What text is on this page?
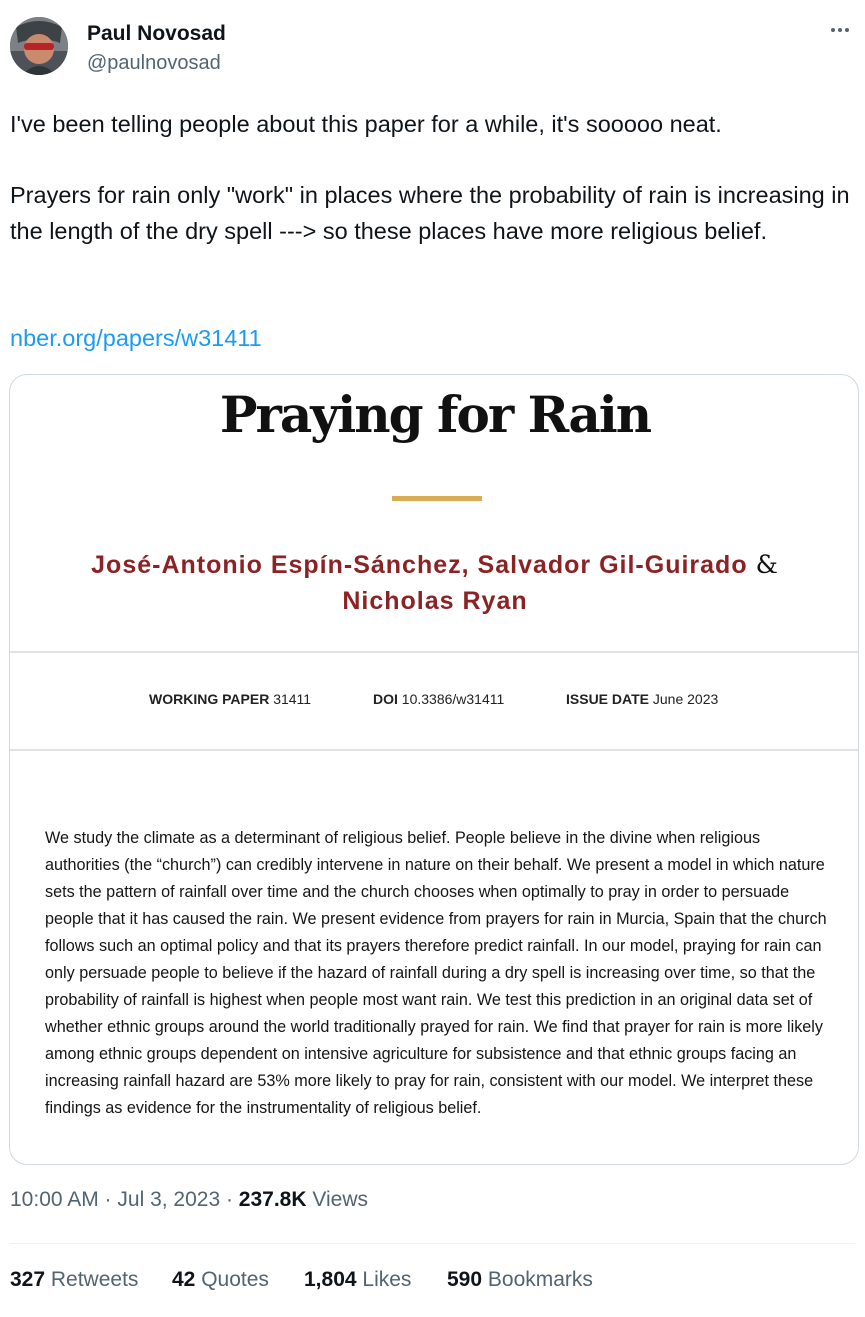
Paul Novosad
@paulnovosad

I've been telling people about this paper for a while, it's sooooo neat.

Prayers for rain only "work" in places where the probability of rain is increasing in the length of the dry spell ---> so these places have more religious belief.

nber.org/papers/w31411
Praying for Rain
José-Antonio Espín-Sánchez, Salvador Gil-Guirado &
Nicholas Ryan
WORKING PAPER 31411	DOI 10.3386/w31411	ISSUE DATE June 2023
We study the climate as a determinant of religious belief. People believe in the divine when religious authorities (the “church”) can credibly intervene in nature on their behalf. We present a model in which nature sets the pattern of rainfall over time and the church chooses when optimally to pray in order to persuade people that it has caused the rain. We present evidence from prayers for rain in Murcia, Spain that the church follows such an optimal policy and that its prayers therefore predict rainfall. In our model, praying for rain can only persuade people to believe if the hazard of rainfall during a dry spell is increasing over time, so that the probability of rainfall is highest when people most want rain. We test this prediction in an original data set of whether ethnic groups around the world traditionally prayed for rain. We find that prayer for rain is more likely among ethnic groups dependent on intensive agriculture for subsistence and that ethnic groups facing an increasing rainfall hazard are 53% more likely to pray for rain, consistent with our model. We interpret these findings as evidence for the instrumentality of religious belief.
10:00 AM · Jul 3, 2023 · 237.8K Views
327 Retweets 42 Quotes 1,804 Likes 590 Bookmarks
